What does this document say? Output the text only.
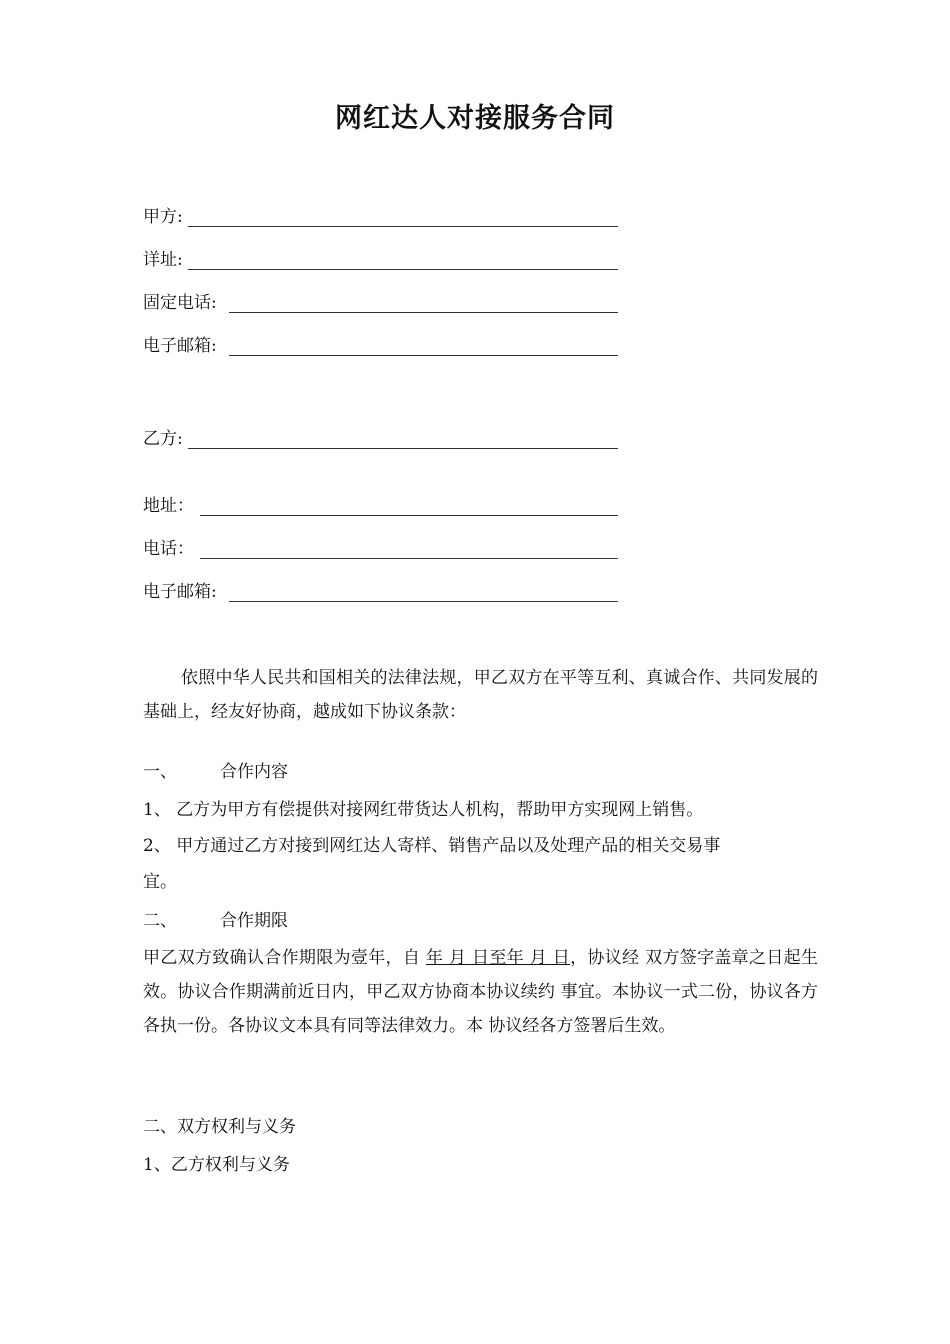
网红达人对接服务合同
甲方:
详址:
固定电话:
电子邮箱:
乙方:
地址：
电话：
电子邮箱:
依照中华人民共和国相关的法律法规，甲乙双方在平等互利、真诚合作、共同发展的基础上，经友好协商，越成如下协议条款：
一、	合作内容
1、 乙方为甲方有偿提供对接网红带货达人机构，帮助甲方实现网上销售。
2、 甲方通过乙方对接到网红达人寄样、销售产品以及处理产品的相关交易事
宜。
二、	合作期限
甲乙双方致确认合作期限为壹年，自 年 月 日至年 月 日，协议经 双方签字盖章之日起生效。协议合作期满前近日内，甲乙双方协商本协议续约 事宜。本协议一式二份，协议各方各执一份。各协议文本具有同等法律效力。本 协议经各方签署后生效。
二、双方权利与义务
1、乙方权利与义务
